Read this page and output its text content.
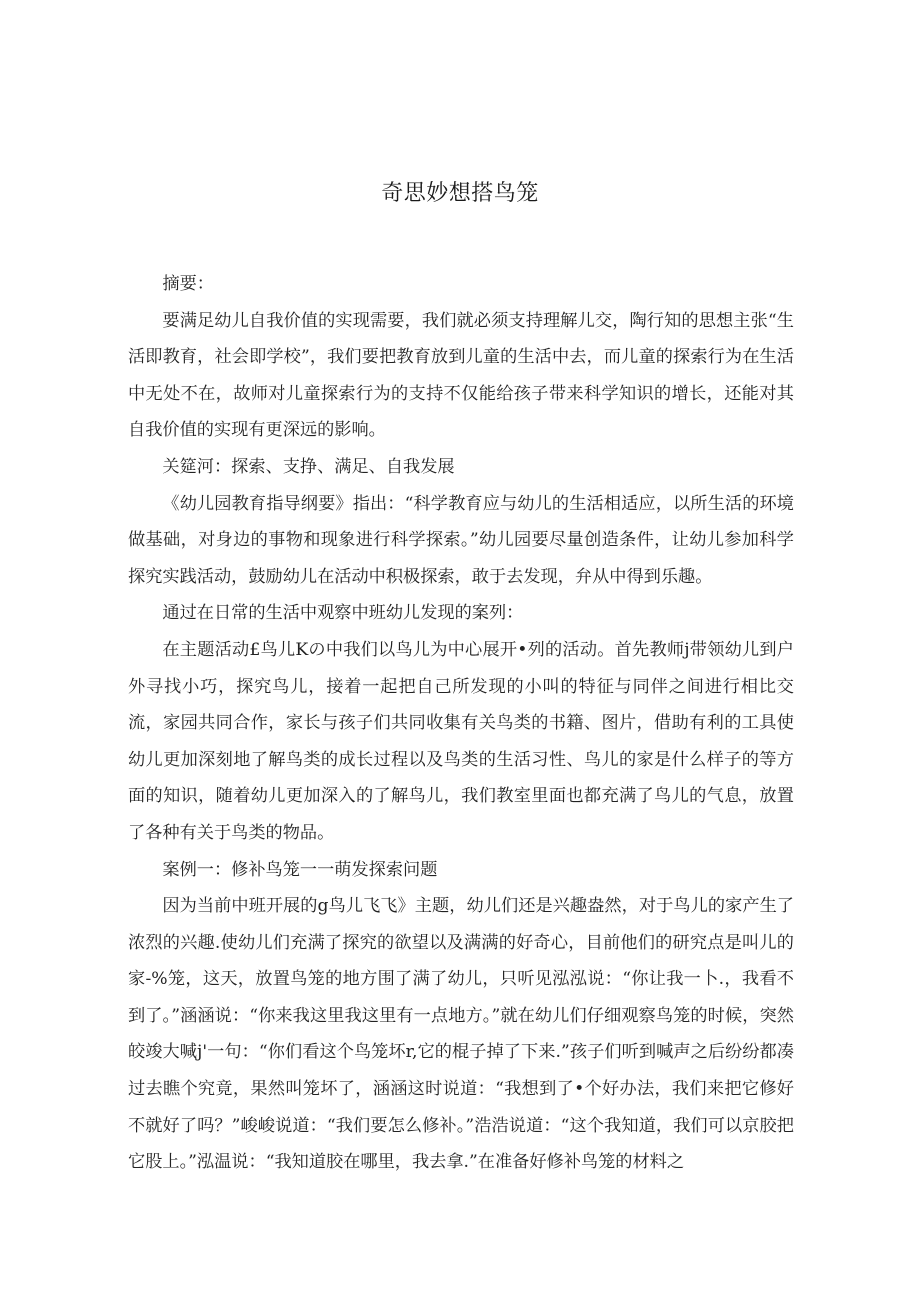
奇思妙想搭鸟笼

摘要：

要满足幼儿自我价值的实现需要，我们就必须支持理解儿交，陶行知的思想主张“生活即教育，社会即学校”，我们要把教育放到儿童的生活中去，而儿童的探索行为在生活中无处不在，故师对儿童探索行为的支持不仅能给孩子带来科学知识的增长，还能对其自我价值的实现有更深远的影响。

关筵河：探索、支挣、满足、自我发展

《幼儿园教育指导纲要》指出：“科学教育应与幼儿的生活相适应，以所生活的环境做基础，对身边的事物和现象进行科学探索。”幼儿园要尽量创造条件，让幼儿参加科学探究实践活动，鼓励幼儿在活动中积极探索，敢于去发现，弁从中得到乐趣。

通过在日常的生活中观察中班幼儿发现的案列：

在主题活动£鸟儿Kの中我们以鸟儿为中心展开•列的活动。首先教师j带领幼儿到户外寻找小巧，探究鸟儿，接着一起把自己所发现的小叫的特征与同伴之间进行相比交流，家园共同合作，家长与孩子们共同收集有关鸟类的书籍、图片，借助有利的工具使幼儿更加深刻地了解鸟类的成长过程以及鸟类的生活习性、鸟儿的家是什么样子的等方面的知识，随着幼儿更加深入的了解鸟儿，我们教室里面也都充满了鸟儿的气息，放置了各种有关于鸟类的物品。

案例一：修补鸟笼一一萌发探索问题

因为当前中班开展的g鸟儿飞飞》主题，幼儿们还是兴趣盎然，对于鸟儿的家产生了浓烈的兴趣.使幼儿们充满了探究的欲望以及满满的好奇心，目前他们的研究点是叫儿的家-%笼，这天，放置鸟笼的地方围了满了幼儿，只听见泓泓说：“你让我一卜.，我看不到了。”涵涵说：“你来我这里我这里有一点地方。”就在幼儿们仔细观察鸟笼的时候，突然皎竣大喊j'一句：“你们看这个鸟笼坏r,它的棍子掉了下来.”孩子们听到喊声之后纷纷都凑过去瞧个究竟，果然叫笼坏了，涵涵这时说道：“我想到了•个好办法，我们来把它修好不就好了吗？”峻峻说道：“我们要怎么修补。”浩浩说道：“这个我知道，我们可以京胶把它股上。”泓温说：“我知道胶在哪里，我去拿.”在准备好修补鸟笼的材料之
